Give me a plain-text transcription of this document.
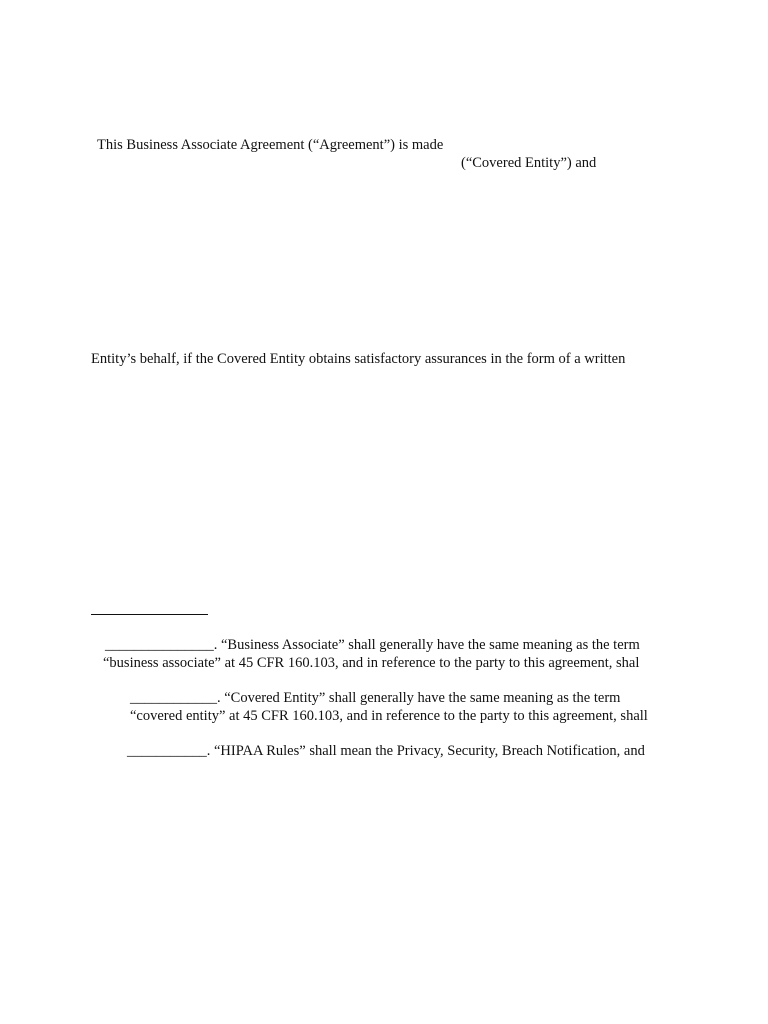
This Business Associate Agreement (“Agreement”) is made
(“Covered Entity”) and
Entity’s behalf, if the Covered Entity obtains satisfactory assurances in the form of a written
_______________. “Business Associate” shall generally have the same meaning as the term
“business associate” at 45 CFR 160.103, and in reference to the party to this agreement, shal
____________. “Covered Entity” shall generally have the same meaning as the term
“covered entity” at 45 CFR 160.103, and in reference to the party to this agreement, shall
___________. “HIPAA Rules” shall mean the Privacy, Security, Breach Notification, and
